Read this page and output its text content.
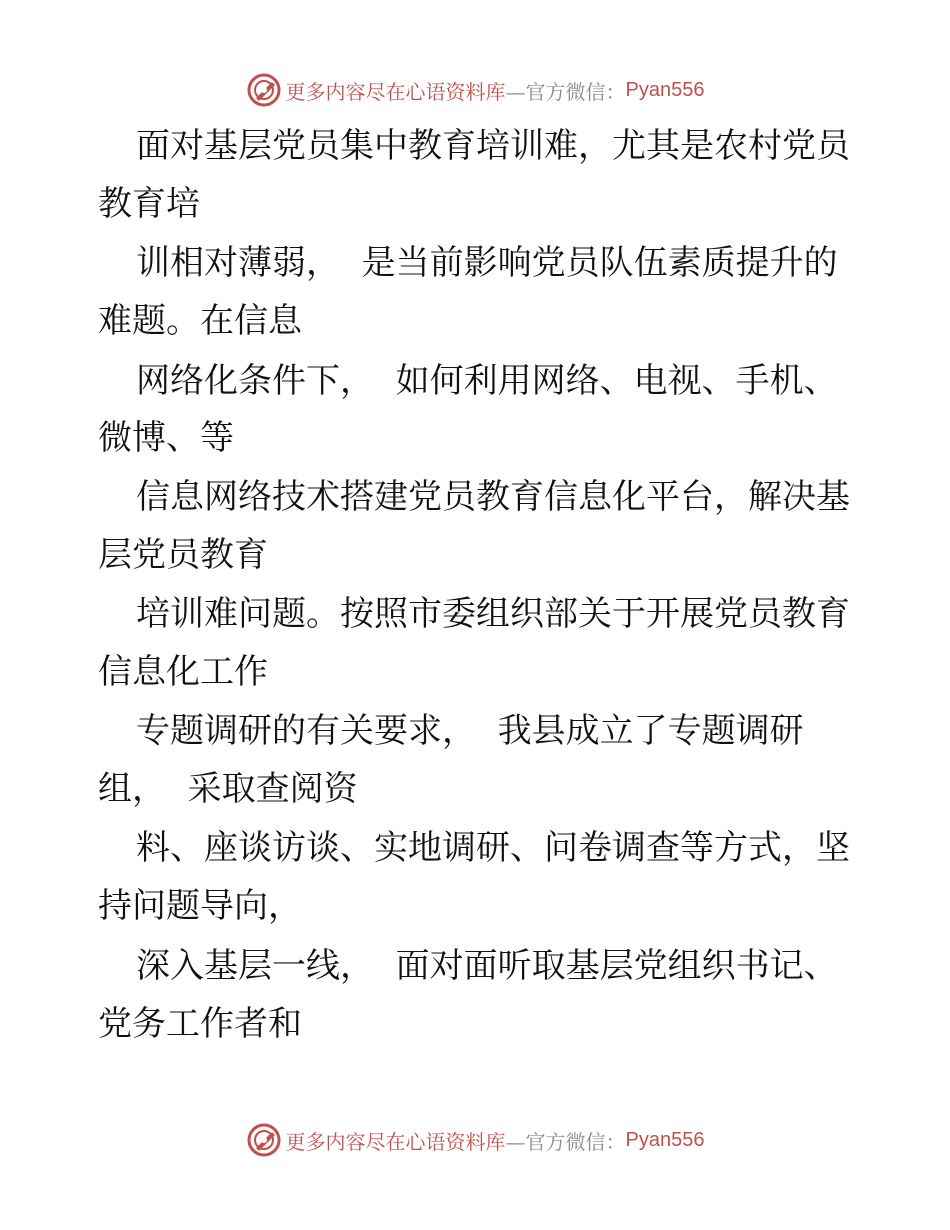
更多内容尽在心语资料库 —官方微信： Pyan556
面对基层党员集中教育培训难，尤其是农村党员
教育培
训相对薄弱，  是当前影响党员队伍素质提升的
难题。在信息
网络化条件下，  如何利用网络、电视、手机、
微博、等
信息网络技术搭建党员教育信息化平台，解决基
层党员教育
培训难问题。按照市委组织部关于开展党员教育
信息化工作
专题调研的有关要求，  我县成立了专题调研
组，  采取查阅资
料、座谈访谈、实地调研、问卷调查等方式，坚
持问题导向，
深入基层一线，  面对面听取基层党组织书记、
党务工作者和
更多内容尽在心语资料库 —官方微信： Pyan556
